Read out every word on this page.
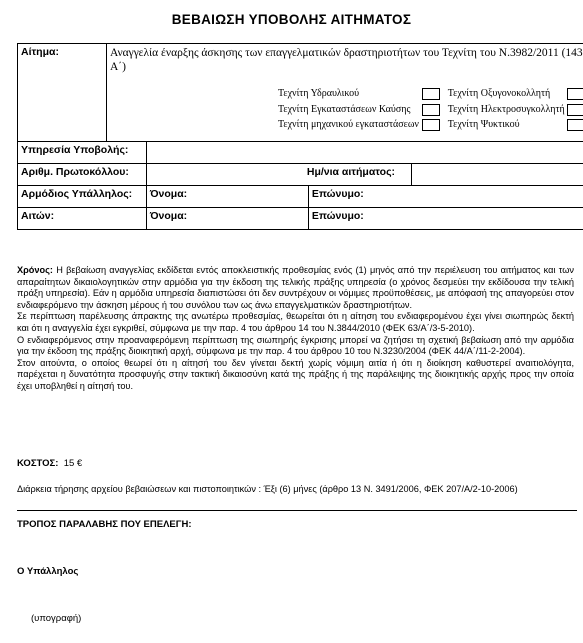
ΒΕΒΑΙΩΣΗ ΥΠΟΒΟΛΗΣ ΑΙΤΗΜΑΤΟΣ
Αίτημα:	Αναγγελία έναρξης άσκησης των επαγγελματικών δραστηριοτήτων του Τεχνίτη του Ν.3982/2011 (143 Α΄)
	Τεχνίτη Υδραυλικού			Τεχνίτη Οξυγονοκολλητή	
	Τεχνίτη Εγκαταστάσεων Καύσης			Τεχνίτη Ηλεκτροσυγκολλητή	
	Τεχνίτη μηχανικού εγκαταστάσεων			Τεχνίτη Ψυκτικού	

Υπηρεσία Υποβολής:	
Αριθμ. Πρωτοκόλλου:	Ημ/νια αιτήματος:	
Αρμόδιος Υπάλληλος:	Όνομα:	Επώνυμο:
Αιτών:	Όνομα:	Επώνυμο:

Χρόνος: Η βεβαίωση αναγγελίας εκδίδεται εντός αποκλειστικής προθεσμίας ενός (1) μηνός από την περιέλευση του αιτήματος και των απαραίτητων δικαιολογητικών στην αρμόδια για την έκδοση της τελικής πράξης υπηρεσία (ο χρόνος δεσμεύει την εκδίδουσα την τελική πράξη υπηρεσία). Εάν η αρμόδια υπηρεσία διαπιστώσει ότι δεν συντρέχουν οι νόμιμες προϋποθέσεις, με απόφασή της απαγορεύει στον ενδιαφερόμενο την άσκηση μέρους ή του συνόλου των ως άνω επαγγελματικών δραστηριοτήτων.

Σε περίπτωση παρέλευσης άπρακτης της ανωτέρω προθεσμίας, θεωρείται ότι η αίτηση του ενδιαφερομένου έχει γίνει σιωπηρώς δεκτή και ότι η αναγγελία έχει εγκριθεί, σύμφωνα με την παρ. 4 του άρθρου 14 του Ν.3844/2010 (ΦΕΚ 63/Α΄/3-5-2010).

Ο ενδιαφερόμενος στην προαναφερόμενη περίπτωση της σιωπηρής έγκρισης μπορεί να ζητήσει τη σχετική βεβαίωση από την αρμόδια για την έκδοση της πράξης διοικητική αρχή, σύμφωνα με την παρ. 4 του άρθρου 10 του Ν.3230/2004 (ΦΕΚ 44/Α΄/11-2-2004).

Στον αιτούντα, ο οποίος θεωρεί ότι η αίτησή του δεν γίνεται δεκτή χωρίς νόμιμη αιτία ή ότι η διοίκηση καθυστερεί αναιτιολόγητα, παρέχεται η δυνατότητα προσφυγής στην τακτική δικαιοσύνη κατά της πράξης ή της παράλειψης της διοικητικής αρχής προς την οποία έχει υποβληθεί η αίτησή του.

ΚΟΣΤΟΣ: 15 €
Διάρκεια τήρησης αρχείου βεβαιώσεων και πιστοποιητικών : Έξι (6) μήνες (άρθρο 13 Ν. 3491/2006, ΦΕΚ 207/Α/2-10-2006)
ΤΡΟΠΟΣ ΠΑΡΑΛΑΒΗΣ ΠΟΥ ΕΠΕΛΕΓΗ:
Ο Υπάλληλος
(υπογραφή)
